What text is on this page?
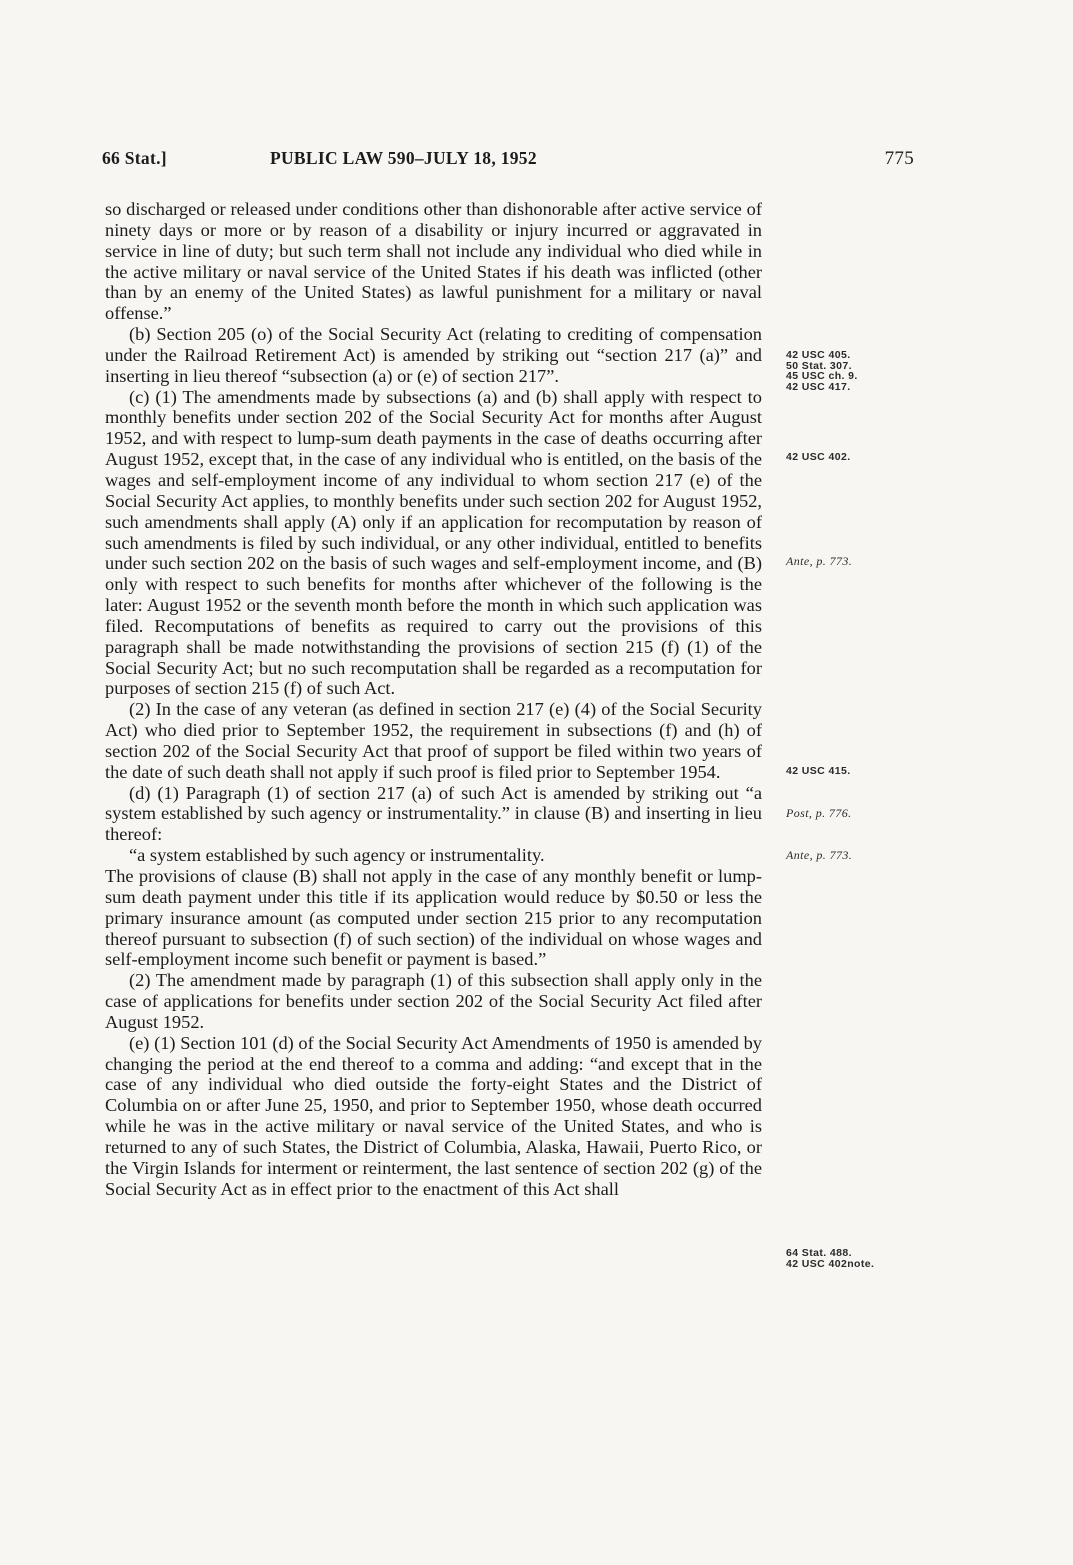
66 Stat.]	PUBLIC LAW 590–JULY 18, 1952	775

so discharged or released under conditions other than dishonorable after active service of ninety days or more or by reason of a disability or injury incurred or aggravated in service in line of duty; but such term shall not include any individual who died while in the active military or naval service of the United States if his death was inflicted (other than by an enemy of the United States) as lawful punishment for a military or naval offense.”

(b) Section 205 (o) of the Social Security Act (relating to crediting of compensation under the Railroad Retirement Act) is amended by striking out “section 217 (a)” and inserting in lieu thereof “subsection (a) or (e) of section 217”.

(c) (1) The amendments made by subsections (a) and (b) shall apply with respect to monthly benefits under section 202 of the Social Security Act for months after August 1952, and with respect to lump-sum death payments in the case of deaths occurring after August 1952, except that, in the case of any individual who is entitled, on the basis of the wages and self-employment income of any individual to whom section 217 (e) of the Social Security Act applies, to monthly benefits under such section 202 for August 1952, such amendments shall apply (A) only if an application for recomputation by reason of such amendments is filed by such individual, or any other individual, entitled to benefits under such section 202 on the basis of such wages and self-employment income, and (B) only with respect to such benefits for months after whichever of the following is the later: August 1952 or the seventh month before the month in which such application was filed. Recomputations of benefits as required to carry out the provisions of this paragraph shall be made notwithstanding the provisions of section 215 (f) (1) of the Social Security Act; but no such recomputation shall be regarded as a recomputation for purposes of section 215 (f) of such Act.

(2) In the case of any veteran (as defined in section 217 (e) (4) of the Social Security Act) who died prior to September 1952, the requirement in subsections (f) and (h) of section 202 of the Social Security Act that proof of support be filed within two years of the date of such death shall not apply if such proof is filed prior to September 1954.

(d) (1) Paragraph (1) of section 217 (a) of such Act is amended by striking out “a system established by such agency or instrumentality.” in clause (B) and inserting in lieu thereof:

“a system established by such agency or instrumentality.

The provisions of clause (B) shall not apply in the case of any monthly benefit or lump-sum death payment under this title if its application would reduce by $0.50 or less the primary insurance amount (as computed under section 215 prior to any recomputation thereof pursuant to subsection (f) of such section) of the individual on whose wages and self-employment income such benefit or payment is based.”

(2) The amendment made by paragraph (1) of this subsection shall apply only in the case of applications for benefits under section 202 of the Social Security Act filed after August 1952.

(e) (1) Section 101 (d) of the Social Security Act Amendments of 1950 is amended by changing the period at the end thereof to a comma and adding: “and except that in the case of any individual who died outside the forty-eight States and the District of Columbia on or after June 25, 1950, and prior to September 1950, whose death occurred while he was in the active military or naval service of the United States, and who is returned to any of such States, the District of Columbia, Alaska, Hawaii, Puerto Rico, or the Virgin Islands for interment or reinterment, the last sentence of section 202 (g) of the Social Security Act as in effect prior to the enactment of this Act shall

42 USC 405.
50 Stat. 307.
45 USC ch. 9.
42 USC 417.
42 USC 402.
Ante, p. 773.
42 USC 415.
Post, p. 776.
Ante, p. 773.
64 Stat. 488.
42 USC 402note.
